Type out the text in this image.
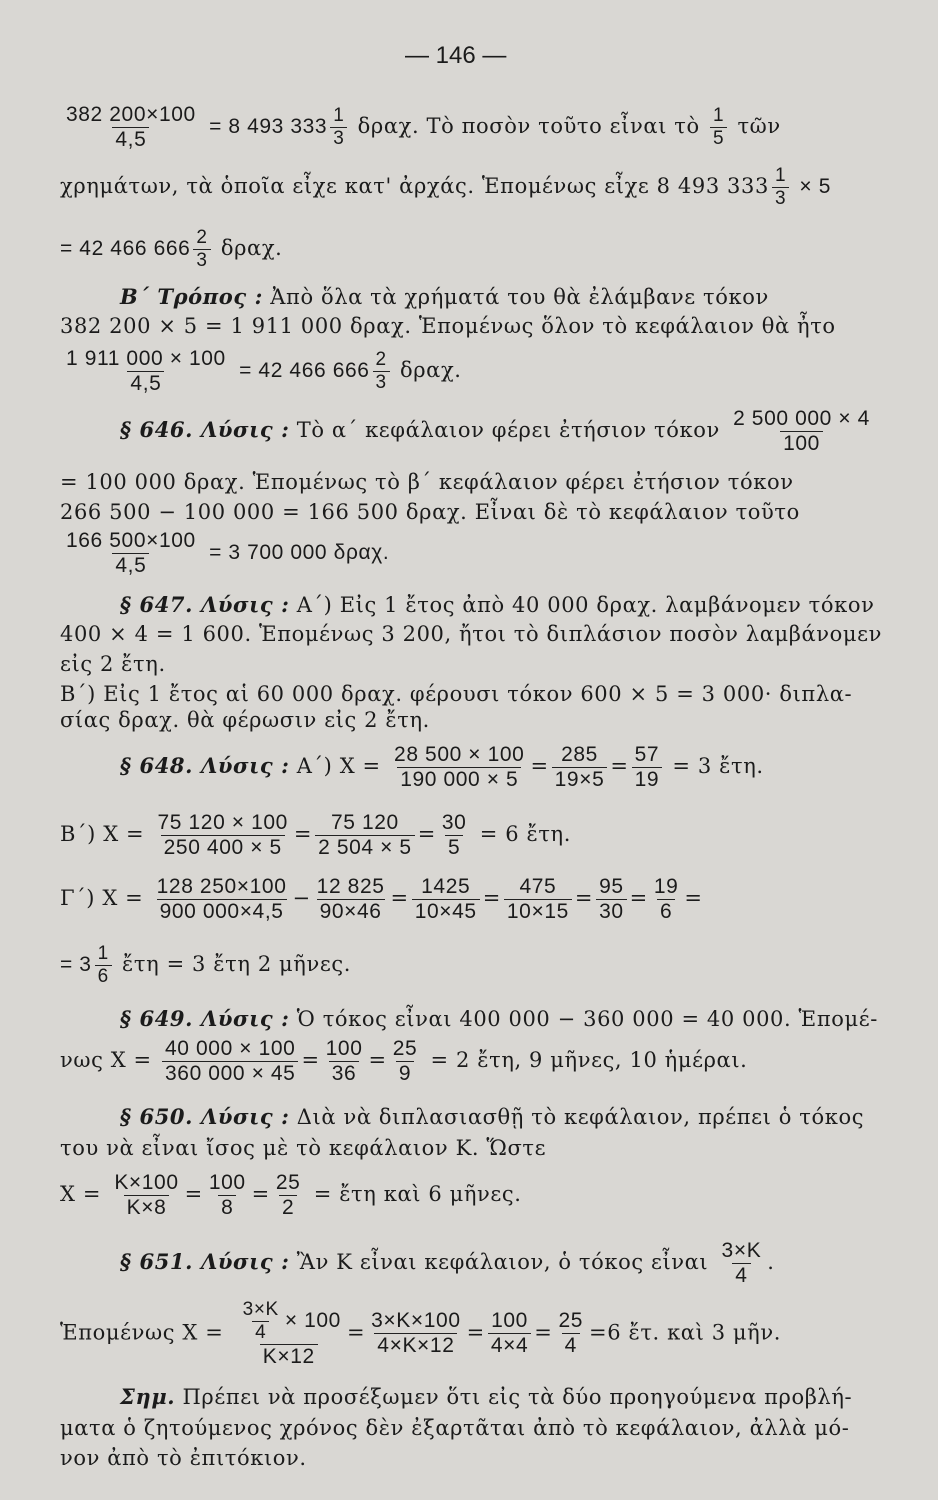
— 146 —
$\frac{382 200\times 100}{4,5} = 8$ 493 $333 \frac{1}{3} \delta\rho\alpha\chi$. Τὸ ποσὸν τοῦτο εἶναι τὸ $\frac{1}{5}$ τῶν
χρημάτων, τὰ ὁποῖα εἶχε κατ' ἀρχάς. Ἑπομένως εἶχε 8 493 $333 \frac{1}{3} \times 5$
= 42 466 $666 \frac{2}{3} \delta\rho\alpha\chi$.
Β΄ Τρόπος : Ἀπὸ ὅλα τὰ χρήματά του θὰ ἐλάμβανε τόκον
382 200 × 5 = 1 911 000 δραχ. Ἑπομένως ὅλον τὸ κεφάλαιον θὰ ἦτο
$\frac{1 911 000 \times 100}{4,5} = 42$ 466 $666 \frac{2}{3} \delta\rho\alpha\chi$.
§ 646. Λύσις : Τὸ α΄ κεφάλαιον φέρει ἐτήσιον τόκον $\frac{2 500 000 \times 4}{100}$
= 100 000 δραχ. Ἑπομένως τὸ β΄ κεφάλαιον φέρει ἐτήσιον τόκον
266 500 − 100 000 = 166 500 δραχ. Εἶναι δὲ τὸ κεφάλαιον τοῦτο
$\frac{166 500\times 100}{4,5} = 3$ 700 000 δραχ.
§ 647. Λύσις : Α΄) Εἰς 1 ἔτος ἀπὸ 40 000 δραχ. λαμβάνομεν τόκον
400 × 4 = 1 600. Ἑπομένως 3 200, ἤτοι τὸ διπλάσιον ποσὸν λαμβάνομεν
εἰς 2 ἔτη.
Β΄) Εἰς 1 ἔτος αἱ 60 000 δραχ. φέρουσι τόκον 600 × 5 = 3 000· διπλα-
σίας δραχ. θὰ φέρωσιν εἰς 2 ἔτη.
§ 648. Λύσις : Α΄) $X = \frac{28 500 \times 100}{190 000 \times 5} = \frac{285}{19\times 5} = \frac{57}{19} = 3$ ἔτη.
Β΄) $X = \frac{75 120 \times 100}{250 400 \times 5} = \frac{75 120}{2 504 \times 5} = \frac{30}{5} = 6$ ἔτη.
Γ΄) $X = \frac{128 250\times 100}{900 000\times 4,5} - \frac{12 825}{90\times 46} = \frac{1425}{10\times 45} = \frac{475}{10\times 15} = \frac{95}{30} = \frac{19}{6}$ =
= $3 \frac{1}{6}$ ἔτη = 3 ἔτη 2 μῆνες.
§ 649. Λύσις : Ὁ τόκος εἶναι 400 000 − 360 000 = 40 000. Ἑπομέ-
νως $X = \frac{40 000 \times 100}{360 000 \times 45} = \frac{100}{36} = \frac{25}{9} = 2$ ἔτη, 9 μῆνες, 10 ἡμέραι.
§ 650. Λύσις : Διὰ νὰ διπλασιασθῇ τὸ κεφάλαιον, πρέπει ὁ τόκος
του νὰ εἶναι ἴσος μὲ τὸ κεφάλαιον Κ. Ὥστε
$X = \frac{K\times 100}{K\times 8} = \frac{100}{8} = \frac{25}{2}$ = ἔτη καὶ 6 μῆνες.
§ 651. Λύσις : Ἂν Κ εἶναι κεφάλαιον, ὁ τόκος εἶναι $\frac{3\times K}{4}$ .
Ἑπομένως $X = \frac{\frac{3\times K}{4} \times 100}{K\times 12} = \frac{3\times K\times 100}{4\times K\times 12} = \frac{100}{4\times 4} = \frac{25}{4} =6$ ἔτ. καὶ 3 μῆν.
Σημ. Πρέπει νὰ προσέξωμεν ὅτι εἰς τὰ δύο προηγούμενα προβλή-
ματα ὁ ζητούμενος χρόνος δὲν ἐξαρτᾶται ἀπὸ τὸ κεφάλαιον, ἀλλὰ μό-
νον ἀπὸ τὸ ἐπιτόκιον.
